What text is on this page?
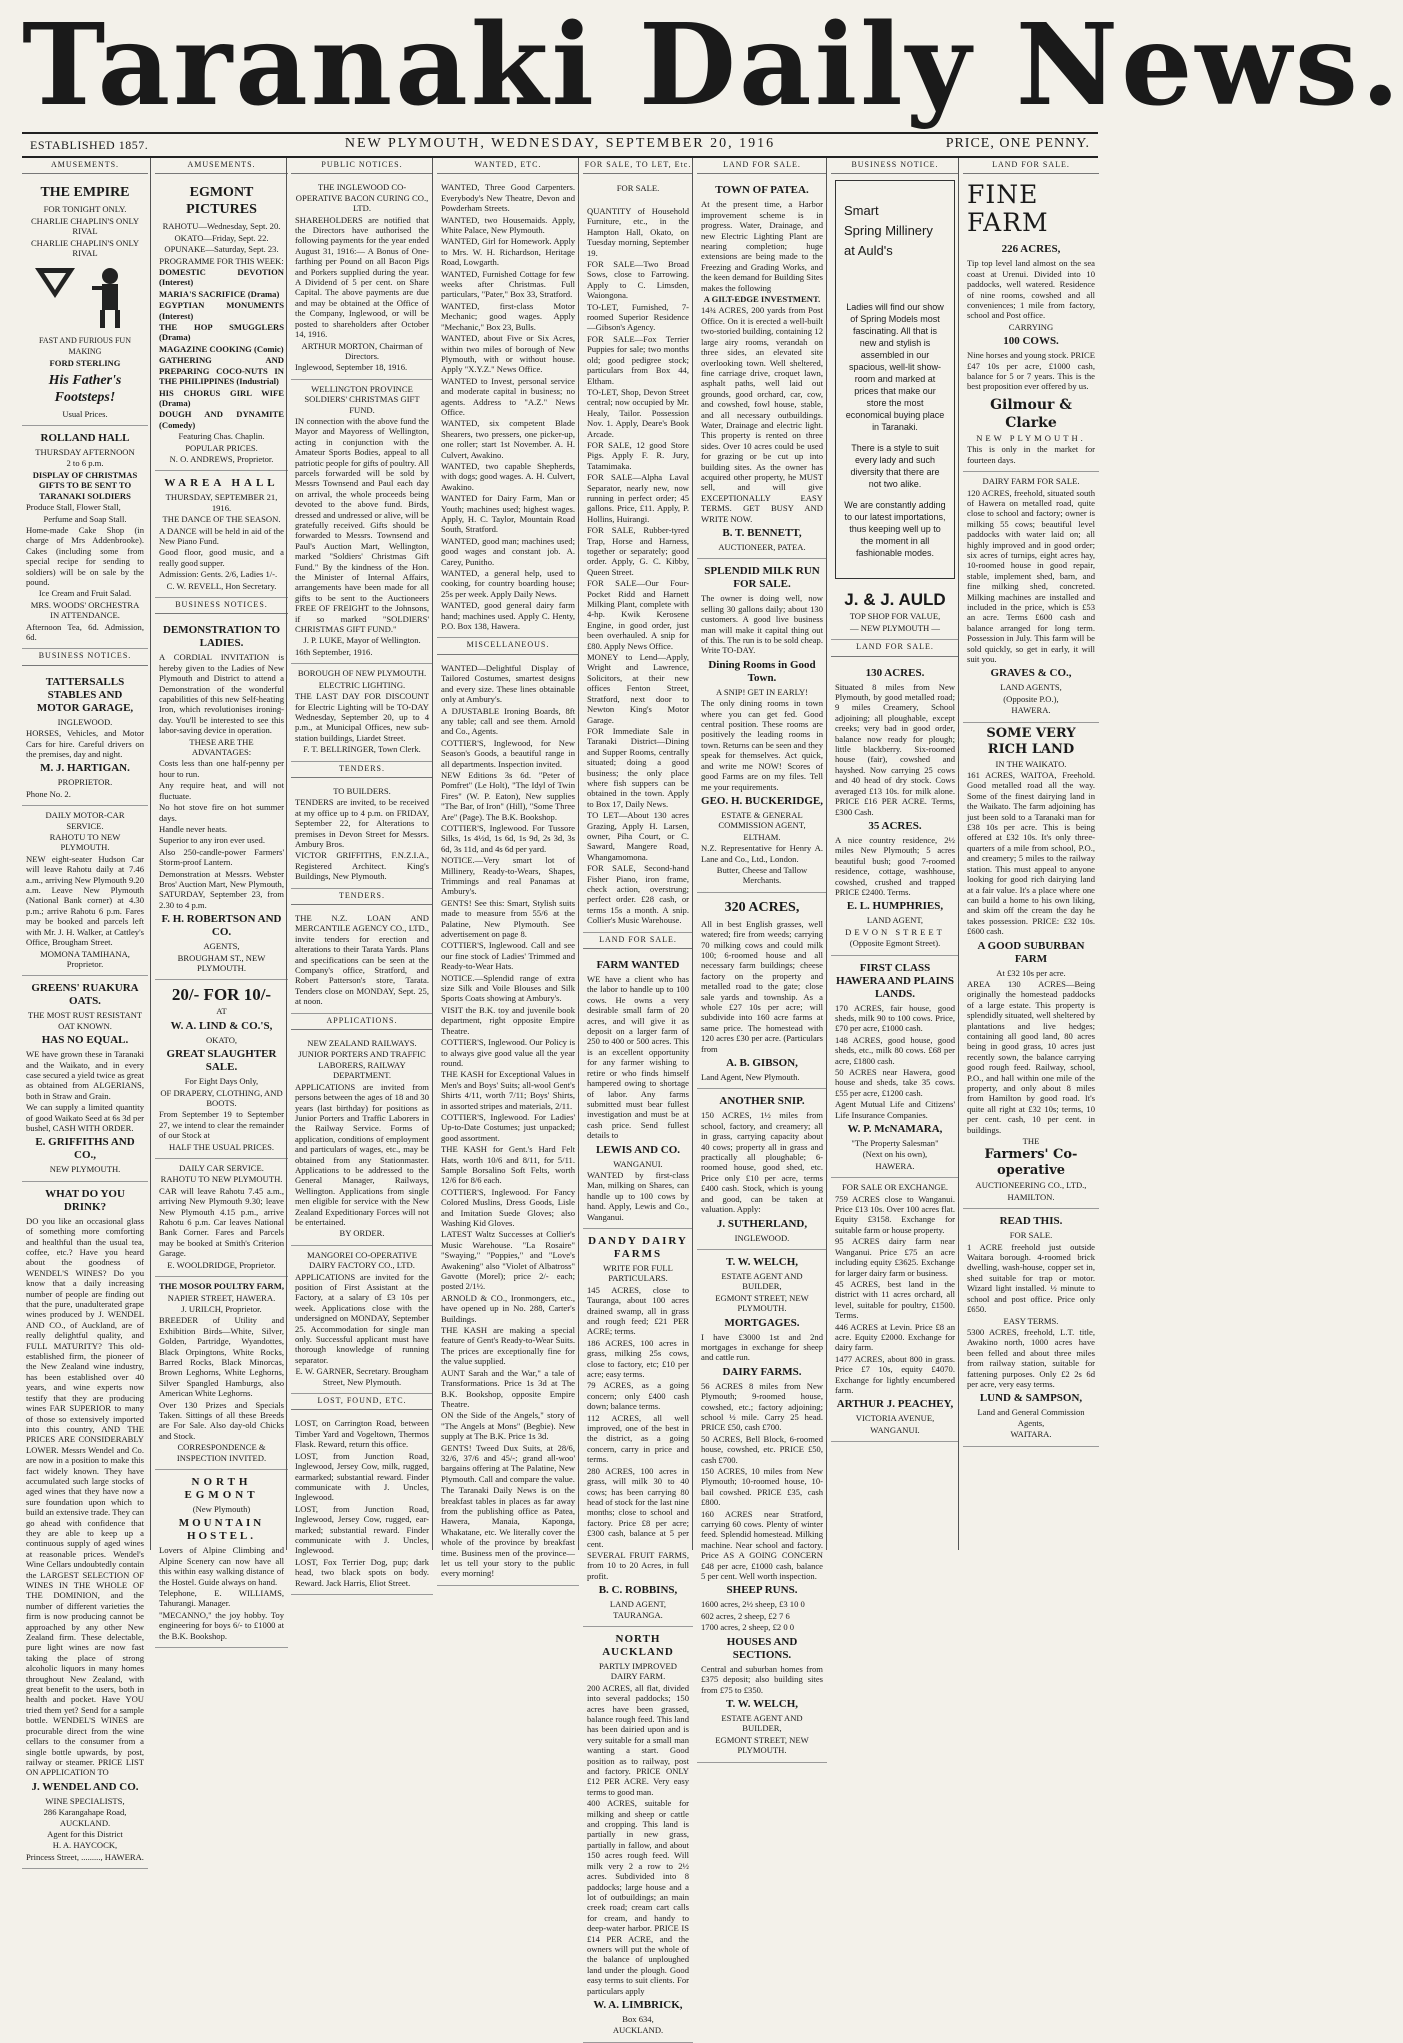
Taranaki Daily News.
ESTABLISHED 1857.	NEW PLYMOUTH, WEDNESDAY, SEPTEMBER 20, 1916	PRICE, ONE PENNY.
AMUSEMENTS.
THE EMPIRE

FOR TONIGHT ONLY.

CHARLIE CHAPLIN'S ONLY RIVAL

CHARLIE CHAPLIN'S ONLY RIVAL

FAST AND FURIOUS FUN MAKING

FORD STERLING

His Father's Footsteps!

Usual Prices.

ROLLAND HALL

THURSDAY AFTERNOON

2 to 6 p.m.

DISPLAY OF CHRISTMAS GIFTS TO BE SENT TO TARANAKI SOLDIERS

Produce Stall, Flower Stall,

Perfume and Soap Stall.

Home-made Cake Shop (in charge of Mrs Addenbrooke). Cakes (including some from special recipe for sending to soldiers) will be on sale by the pound.

Ice Cream and Fruit Salad.

MRS. WOODS' ORCHESTRA IN ATTENDANCE.

Afternoon Tea, 6d. Admission, 6d.

BUSINESS NOTICES.
TATTERSALLS STABLES AND MOTOR GARAGE,

INGLEWOOD.

HORSES, Vehicles, and Motor Cars for hire. Careful drivers on the premises, day and night.

M. J. HARTIGAN.

PROPRIETOR.

Phone No. 2.

DAILY MOTOR-CAR SERVICE.

RAHOTU TO NEW PLYMOUTH.

NEW eight-seater Hudson Car will leave Rahotu daily at 7.46 a.m., arriving New Plymouth 9.20 a.m. Leave New Plymouth (National Bank corner) at 4.30 p.m.; arrive Rahotu 6 p.m. Fares may be booked and parcels left with Mr. J. H. Walker, at Cattley's Office, Brougham Street.

MOMONA TAMIHANA, Proprietor.

GREENS' RUAKURA OATS.

THE MOST RUST RESISTANT OAT KNOWN.

HAS NO EQUAL.

WE have grown these in Taranaki and the Waikato, and in every case secured a yield twice as great as obtained from ALGERIANS, both in Straw and Grain.

We can supply a limited quantity of good Waikato Seed at 6s 3d per bushel, CASH WITH ORDER.

E. GRIFFITHS AND CO.,

NEW PLYMOUTH.

WHAT DO YOU DRINK?

DO you like an occasional glass of something more comforting and healthful than the usual tea, coffee, etc.? Have you heard about the goodness of WENDEL'S WINES? Do you know that a daily increasing number of people are finding out that the pure, unadulterated grape wines produced by J. WENDEL AND CO., of Auckland, are of really delightful quality, and FULL MATURITY? This old-established firm, the pioneer of the New Zealand wine industry, has been established over 40 years, and wine experts now testify that they are producing wines FAR SUPERIOR to many of those so extensively imported into this country, AND THE PRICES ARE CONSIDERABLY LOWER. Messrs Wendel and Co. are now in a position to make this fact widely known. They have accumulated such large stocks of aged wines that they have now a sure foundation upon which to build an extensive trade. They can go ahead with confidence that they are able to keep up a continuous supply of aged wines at reasonable prices. Wendel's Wine Cellars undoubtedly contain the LARGEST SELECTION OF WINES IN THE WHOLE OF THE DOMINION, and the number of different varieties the firm is now producing cannot be approached by any other New Zealand firm. These delectable, pure light wines are now fast taking the place of strong alcoholic liquors in many homes throughout New Zealand, with great benefit to the users, both in health and pocket. Have YOU tried them yet? Send for a sample bottle. WENDEL'S WINES are procurable direct from the wine cellars to the consumer from a single bottle upwards, by post, railway or steamer. PRICE LIST ON APPLICATION TO

J. WENDEL AND CO.

WINE SPECIALISTS,

286 Karangahape Road, AUCKLAND.

Agent for this District

H. A. HAYCOCK,

Princess Street, ........., HAWERA.

AMUSEMENTS.
EGMONT PICTURES

RAHOTU—Wednesday, Sept. 20.

OKATO—Friday, Sept. 22.

OPUNAKE—Saturday, Sept. 23.

PROGRAMME FOR THIS WEEK:

DOMESTIC DEVOTION (Interest)

MARIA'S SACRIFICE (Drama)

EGYPTIAN MONUMENTS (Interest)

THE HOP SMUGGLERS (Drama)

MAGAZINE COOKING (Comic)

GATHERING AND PREPARING COCO-NUTS IN THE PHILIPPINES (Industrial)

HIS CHORUS GIRL WIFE (Drama)

DOUGH AND DYNAMITE (Comedy)

Featuring Chas. Chaplin.

POPULAR PRICES.

N. O. ANDREWS, Proprietor.

WAREA HALL

THURSDAY, SEPTEMBER 21, 1916.

THE DANCE OF THE SEASON.

A DANCE will be held in aid of the New Piano Fund.

Good floor, good music, and a really good supper.

Admission: Gents. 2/6, Ladies 1/-.

C. W. REVELL, Hon Secretary.

BUSINESS NOTICES.
DEMONSTRATION TO LADIES.

A CORDIAL INVITATION is hereby given to the Ladies of New Plymouth and District to attend a Demonstration of the wonderful capabilities of this new Self-heating Iron, which revolutionises ironing-day. You'll be interested to see this labor-saving device in operation.

THESE ARE THE ADVANTAGES:

Costs less than one half-penny per hour to run.

Any require heat, and will not fluctuate.

No hot stove fire on hot summer days.

Handle never heats.

Superior to any iron ever used.

Also 250-candle-power Farmers' Storm-proof Lantern.

Demonstration at Messrs. Webster Bros' Auction Mart, New Plymouth, SATURDAY, September 23, from 2.30 to 4 p.m.

F. H. ROBERTSON AND CO.

AGENTS,

BROUGHAM ST., NEW PLYMOUTH.

20/- FOR 10/-

AT

W. A. LIND & CO.'S,

OKATO,

GREAT SLAUGHTER SALE.

For Eight Days Only,

OF DRAPERY, CLOTHING, AND BOOTS.

From September 19 to September 27, we intend to clear the remainder of our Stock at

HALF THE USUAL PRICES.

DAILY CAR SERVICE.

RAHOTU TO NEW PLYMOUTH.

CAR will leave Rahotu 7.45 a.m., arriving New Plymouth 9.30; leave New Plymouth 4.15 p.m., arrive Rahotu 6 p.m. Car leaves National Bank Corner. Fares and Parcels may be booked at Smith's Criterion Garage.

E. WOOLDRIDGE, Proprietor.

THE MOSOR POULTRY FARM,

NAPIER STREET, HAWERA.

J. URILCH, Proprietor.

BREEDER of Utility and Exhibition Birds—White, Silver, Golden, Partridge, Wyandottes, Black Orpingtons, White Rocks, Barred Rocks, Black Minorcas, Brown Leghorns, White Leghorns, Silver Spangled Hamburgs, also American White Leghorns.

Over 130 Prizes and Specials Taken. Sittings of all these Breeds are For Sale. Also day-old Chicks and Stock.

CORRESPONDENCE & INSPECTION INVITED.

NORTH EGMONT

(New Plymouth)

MOUNTAIN HOSTEL.

Lovers of Alpine Climbing and Alpine Scenery can now have all this within easy walking distance of the Hostel. Guide always on hand.

Telephone, E. WILLIAMS, Tahurangi. Manager.

"MECANNO," the joy hobby. Toy engineering for boys 6/- to £1000 at the B.K. Bookshop.

PUBLIC NOTICES.

THE INGLEWOOD CO-OPERATIVE BACON CURING CO., LTD.

SHAREHOLDERS are notified that the Directors have authorised the following payments for the year ended August 31, 1916:— A Bonus of One-farthing per Pound on all Bacon Pigs and Porkers supplied during the year. A Dividend of 5 per cent. on Share Capital. The above payments are due and may be obtained at the Office of the Company, Inglewood, or will be posted to shareholders after October 14, 1916.

ARTHUR MORTON, Chairman of Directors.

Inglewood, September 18, 1916.

WELLINGTON PROVINCE SOLDIERS' CHRISTMAS GIFT FUND.

IN connection with the above fund the Mayor and Mayoress of Wellington, acting in conjunction with the Amateur Sports Bodies, appeal to all patriotic people for gifts of poultry. All parcels forwarded will be sold by Messrs Townsend and Paul each day on arrival, the whole proceeds being devoted to the above fund. Birds, dressed and undressed or alive, will be gratefully received. Gifts should be forwarded to Messrs. Townsend and Paul's Auction Mart, Wellington, marked "Soldiers' Christmas Gift Fund." By the kindness of the Hon. the Minister of Internal Affairs, arrangements have been made for all gifts to be sent to the Auctioneers FREE OF FREIGHT to the Johnsons, if so marked "SOLDIERS' CHRISTMAS GIFT FUND."

J. P. LUKE, Mayor of Wellington.

16th September, 1916.

BOROUGH OF NEW PLYMOUTH.

ELECTRIC LIGHTING.

THE LAST DAY FOR DISCOUNT for Electric Lighting will be TO-DAY Wednesday, September 20, up to 4 p.m., at Municipal Offices, new sub-station buildings, Liardet Street.

F. T. BELLRINGER, Town Clerk.

TENDERS.

TO BUILDERS.

TENDERS are invited, to be received at my office up to 4 p.m. on FRIDAY, September 22, for Alterations to premises in Devon Street for Messrs. Ambury Bros.

VICTOR GRIFFITHS, F.N.Z.I.A., Registered Architect. King's Buildings, New Plymouth.

TENDERS.

THE N.Z. LOAN AND MERCANTILE AGENCY CO., LTD., invite tenders for erection and alterations to their Tarata Yards. Plans and specifications can be seen at the Company's office, Stratford, and Robert Patterson's store, Tarata. Tenders close on MONDAY, Sept. 25, at noon.

APPLICATIONS.

NEW ZEALAND RAILWAYS.

JUNIOR PORTERS AND TRAFFIC LABORERS, RAILWAY DEPARTMENT.

APPLICATIONS are invited from persons between the ages of 18 and 30 years (last birthday) for positions as Junior Porters and Traffic Laborers in the Railway Service. Forms of application, conditions of employment and particulars of wages, etc., may be obtained from any Stationmaster. Applications to be addressed to the General Manager, Railways, Wellington. Applications from single men eligible for service with the New Zealand Expeditionary Forces will not be entertained.

BY ORDER.

MANGOREI CO-OPERATIVE DAIRY FACTORY CO., LTD.

APPLICATIONS are invited for the position of First Assistant at the Factory, at a salary of £3 10s per week. Applications close with the undersigned on MONDAY, September 25. Accommodation for single man only. Successful applicant must have thorough knowledge of running separator.

E. W. GARNER, Secretary. Brougham Street, New Plymouth.

LOST, FOUND, ETC.

LOST, on Carrington Road, between Timber Yard and Vogeltown, Thermos Flask. Reward, return this office.

LOST, from Junction Road, Inglewood, Jersey Cow, milk, rugged, earmarked; substantial reward. Finder communicate with J. Uncles, Inglewood.

LOST, from Junction Road, Inglewood, Jersey Cow, rugged, ear-marked; substantial reward. Finder communicate with J. Uncles, Inglewood.

LOST, Fox Terrier Dog, pup; dark head, two black spots on body. Reward. Jack Harris, Eliot Street.

WANTED, ETC.

WANTED, Three Good Carpenters. Everybody's New Theatre, Devon and Powderham Streets.

WANTED, two Housemaids. Apply, White Palace, New Plymouth.

WANTED, Girl for Homework. Apply to Mrs. W. H. Richardson, Heritage Road, Lowgarth.

WANTED, Furnished Cottage for few weeks after Christmas. Full particulars, "Pater," Box 33, Stratford.

WANTED, first-class Motor Mechanic; good wages. Apply "Mechanic," Box 23, Bulls.

WANTED, about Five or Six Acres, within two miles of borough of New Plymouth, with or without house. Apply "X.Y.Z." News Office.

WANTED to Invest, personal service and moderate capital in business; no agents. Address to "A.Z." News Office.

WANTED, six competent Blade Shearers, two pressers, one picker-up, one roller; start 1st November. A. H. Culvert, Awakino.

WANTED, two capable Shepherds, with dogs; good wages. A. H. Culvert, Awakino.

WANTED for Dairy Farm, Man or Youth; machines used; highest wages. Apply, H. C. Taylor, Mountain Road South, Stratford.

WANTED, good man; machines used; good wages and constant job. A. Carey, Punitho.

WANTED, a general help, used to cooking, for country boarding house; 25s per week. Apply Daily News.

WANTED, good general dairy farm hand; machines used. Apply C. Henty, P.O. Box 138, Hawera.

MISCELLANEOUS.

WANTED—Delightful Display of Tailored Costumes, smartest designs and every size. These lines obtainable only at Ambury's.

A DJUSTABLE Ironing Boards, 8ft any table; call and see them. Arnold and Co., Agents.

COTTIER'S, Inglewood, for New Season's Goods, a beautiful range in all departments. Inspection invited.

NEW Editions 3s 6d. "Peter of Pomfret" (Le Holt), "The Idyl of Twin Fires" (W. P. Eaton), New supplies "The Bar, of Iron" (Hill), "Some Three Are" (Page). The B.K. Bookshop.

COTTIER'S, Inglewood. For Tussore Silks, 1s 4½d, 1s 6d, 1s 9d, 2s 3d, 3s 6d, 3s 11d, and 4s 6d per yard.

NOTICE.—Very smart lot of Millinery, Ready-to-Wears, Shapes, Trimmings and real Panamas at Ambury's.

GENTS! See this: Smart, Stylish suits made to measure from 55/6 at the Palatine, New Plymouth. See advertisement on page 8.

COTTIER'S, Inglewood. Call and see our fine stock of Ladies' Trimmed and Ready-to-Wear Hats.

NOTICE.—Splendid range of extra size Silk and Voile Blouses and Silk Sports Coats showing at Ambury's.

VISIT the B.K. toy and juvenile book department, right opposite Empire Theatre.

COTTIER'S, Inglewood. Our Policy is to always give good value all the year round.

THE KASH for Exceptional Values in Men's and Boys' Suits; all-wool Gent's Shirts 4/11, worth 7/11; Boys' Shirts, in assorted stripes and materials, 2/11.

COTTIER'S, Inglewood. For Ladies' Up-to-Date Costumes; just unpacked; good assortment.

THE KASH for Gent.'s Hard Felt Hats, worth 10/6 and 8/11, for 5/11. Sample Borsalino Soft Felts, worth 12/6 for 8/6 each.

COTTIER'S, Inglewood. For Fancy Colored Muslins, Dress Goods, Lisle and Imitation Suede Gloves; also Washing Kid Gloves.

LATEST Waltz Successes at Collier's Music Warehouse. "La Rosaire" "Swaying," "Poppies," and "Love's Awakening" also "Violet of Albatross" Gavotte (Morel); price 2/- each; posted 2/1½.

ARNOLD & CO., Ironmongers, etc., have opened up in No. 288, Carter's Buildings.

THE KASH are making a special feature of Gent's Ready-to-Wear Suits. The prices are exceptionally fine for the value supplied.

AUNT Sarah and the War," a tale of Transformations. Price 1s 3d at The B.K. Bookshop, opposite Empire Theatre.

ON the Side of the Angels," story of "The Angels at Mons" (Begbie). New supply at The B.K. Price 1s 3d.

GENTS! Tweed Dux Suits, at 28/6, 32/6, 37/6 and 45/-; grand all-woo' bargains offering at The Palatine, New Plymouth. Call and compare the value.

The Taranaki Daily News is on the breakfast tables in places as far away from the publishing office as Patea, Hawera, Manaia, Kaponga, Whakatane, etc. We literally cover the whole of the province by breakfast time. Business men of the province—let us tell your story to the public every morning!

FOR SALE, TO LET, Etc.

FOR SALE.

QUANTITY of Household Furniture, etc., in the Hampton Hall, Okato, on Tuesday morning, September 19.

FOR SALE—Two Broad Sows, close to Farrowing. Apply to C. Limsden, Waiongona.

TO-LET, Furnished, 7-roomed Superior Residence—Gibson's Agency.

FOR SALE—Fox Terrier Puppies for sale; two months old; good pedigree stock; particulars from Box 44, Eltham.

TO-LET, Shop, Devon Street central; now occupied by Mr. Healy, Tailor. Possession Nov. 1. Apply, Deare's Book Arcade.

FOR SALE, 12 good Store Pigs. Apply F. R. Jury, Tatamimaka.

FOR SALE—Alpha Laval Separator, nearly new, now running in perfect order; 45 gallons. Price, £11. Apply, P. Hollins, Huirangi.

FOR SALE, Rubber-tyred Trap, Horse and Harness, together or separately; good order. Apply, G. C. Kibby, Queen Street.

FOR SALE—Our Four-Pocket Ridd and Harnett Milking Plant, complete with 4-hp. Kwik Kerosene Engine, in good order, just been overhauled. A snip for £80. Apply News Office.

MONEY to Lend—Apply, Wright and Lawrence, Solicitors, at their new offices Fenton Street, Stratford, next door to Newton King's Motor Garage.

FOR Immediate Sale in Taranaki District—Dining and Supper Rooms, centrally situated; doing a good business; the only place where fish suppers can be obtained in the town. Apply to Box 17, Daily News.

TO LET—About 130 acres Grazing, Apply H. Larsen, owner, Piha Court, or C. Saward, Mangere Road, Whangamomona.

FOR SALE, Second-hand Fisher Piano, iron frame, check action, overstrung; perfect order. £28 cash, or terms 15s a month. A snip. Collier's Music Warehouse.

LAND FOR SALE.
FARM WANTED

WE have a client who has the labor to handle up to 100 cows. He owns a very desirable small farm of 20 acres, and will give it as deposit on a larger farm of 250 to 400 or 500 acres. This is an excellent opportunity for any farmer wishing to retire or who finds himself hampered owing to shortage of labor. Any farms submitted must bear fullest investigation and must be at cash price. Send fullest details to

LEWIS AND CO.

WANGANUI.

WANTED by first-class Man, milking on Shares, can handle up to 100 cows by hand. Apply, Lewis and Co., Wanganui.

DANDY DAIRY FARMS

WRITE FOR FULL PARTICULARS.

145 ACRES, close to Tauranga, about 100 acres drained swamp, all in grass and rough feed; £21 PER ACRE; terms.

186 ACRES, 100 acres in grass, milking 25s cows, close to factory, etc; £10 per acre; easy terms.

79 ACRES, as a going concern; only £400 cash down; balance terms.

112 ACRES, all well improved, one of the best in the district, as a going concern, carry in price and terms.

280 ACRES, 100 acres in grass, will milk 30 to 40 cows; has been carrying 80 head of stock for the last nine months; close to school and factory. Price £8 per acre; £300 cash, balance at 5 per cent.

SEVERAL FRUIT FARMS, from 10 to 20 Acres, in full profit.

B. C. ROBBINS,

LAND AGENT, TAURANGA.

NORTH AUCKLAND

PARTLY IMPROVED DAIRY FARM.

200 ACRES, all flat, divided into several paddocks; 150 acres have been grassed, balance rough feed. This land has been dairied upon and is very suitable for a small man wanting a start. Good position as to railway, post and factory. PRICE ONLY £12 PER ACRE. Very easy terms to good man.

400 ACRES, suitable for milking and sheep or cattle and cropping. This land is partially in new grass, partially in fallow, and about 150 acres rough feed. Will milk very 2 a row to 2½ acres. Subdivided into 8 paddocks; large house and a lot of outbuildings; an main creek road; cream cart calls for cream, and handy to deep-water harbor. PRICE IS £14 PER ACRE, and the owners will put the whole of the balance of unploughed land under the plough. Good easy terms to suit clients. For particulars apply

W. A. LIMBRICK,

Box 634,

AUCKLAND.

LAND FOR SALE.
TOWN OF PATEA.

At the present time, a Harbor improvement scheme is in progress. Water, Drainage, and new Electric Lighting Plant are nearing completion; huge extensions are being made to the Freezing and Grading Works, and the keen demand for Building Sites makes the following

A GILT-EDGE INVESTMENT.

14¾ ACRES, 200 yards from Post Office. On it is erected a well-built two-storied building, containing 12 large airy rooms, verandah on three sides, an elevated site overlooking town. Well sheltered, fine carriage drive, croquet lawn, asphalt paths, well laid out grounds, good orchard, car, cow, and cowshed, fowl house, stable, and all necessary outbuildings. Water, Drainage and electric light. This property is rented on three sides. Over 10 acres could be used for grazing or be cut up into building sites. As the owner has acquired other property, he MUST sell, and will give EXCEPTIONALLY EASY TERMS. GET BUSY AND WRITE NOW.

B. T. BENNETT,

AUCTIONEER, PATEA.

SPLENDID MILK RUN FOR SALE.

The owner is doing well, now selling 30 gallons daily; about 130 customers. A good live business man will make it capital thing out of this. The run is to be sold cheap. Write TO-DAY.

Dining Rooms in Good Town.

A SNIP! GET IN EARLY!

The only dining rooms in town where you can get fed. Good central position. These rooms are positively the leading rooms in town. Returns can be seen and they speak for themselves. Act quick, and write me NOW! Scores of good Farms are on my files. Tell me your requirements.

GEO. H. BUCKERIDGE,

ESTATE & GENERAL COMMISSION AGENT,

ELTHAM.

N.Z. Representative for Henry A. Lane and Co., Ltd., London.

Butter, Cheese and Tallow Merchants.

320 ACRES,

All in best English grasses, well watered; fire from weeds; carrying 70 milking cows and could milk 100; 6-roomed house and all necessary farm buildings; cheese factory on the property and metalled road to the gate; close sale yards and township. As a whole £27 10s per acre; will subdivide into 160 acre farms at same price. The homestead with 120 acres £30 per acre. (Particulars from

A. B. GIBSON,

Land Agent, New Plymouth.

ANOTHER SNIP.

150 ACRES, 1½ miles from school, factory, and creamery; all in grass, carrying capacity about 40 cows; property all in grass and practically all ploughable; 6-roomed house, good shed, etc. Price only £10 per acre, terms £400 cash. Stock, which is young and good, can be taken at valuation. Apply:

J. SUTHERLAND,

INGLEWOOD.

T. W. WELCH,

ESTATE AGENT AND BUILDER,

EGMONT STREET, NEW PLYMOUTH.

MORTGAGES.

I have £3000 1st and 2nd mortgages in exchange for sheep and cattle run.

DAIRY FARMS.

56 ACRES 8 miles from New Plymouth; 9-roomed house, cowshed, etc.; factory adjoining; school ½ mile. Carry 25 head. PRICE £50, cash £700.

50 ACRES, Bell Block, 6-roomed house, cowshed, etc. PRICE £50, cash £700.

150 ACRES, 10 miles from New Plymouth; 10-roomed house, 10-bail cowshed. PRICE £35, cash £800.

160 ACRES near Stratford, carrying 60 cows. Plenty of winter feed. Splendid homestead. Milking machine. Near school and factory. Price AS A GOING CONCERN £48 per acre, £1000 cash, balance 5 per cent. Well worth inspection.

SHEEP RUNS.

1600 acres, 2½ sheep, £3 10 0

602 acres, 2 sheep, £2 7 6

1700 acres, 2 sheep, £2 0 0

HOUSES AND SECTIONS.

Central and suburban homes from £375 deposit; also building sites from £75 to £350.

T. W. WELCH,

ESTATE AGENT AND BUILDER,

EGMONT STREET, NEW PLYMOUTH.

BUSINESS NOTICE.

Smart

Spring Millinery

at Auld's

Ladies will find our show of Spring Models most fascinating. All that is new and stylish is assembled in our spacious, well-lit show-room and marked at prices that make our store the most economical buying place in Taranaki.

There is a style to suit every lady and such diversity that there are not two alike.

We are constantly adding to our latest importations, thus keeping well up to the moment in all fashionable modes.

J. & J. AULD

TOP SHOP FOR VALUE,

— NEW PLYMOUTH —

LAND FOR SALE.
130 ACRES.

Situated 8 miles from New Plymouth, by good metalled road; 9 miles Creamery, School adjoining; all ploughable, except creeks; very bad in good order, balance now ready for plough; little blackberry. Six-roomed house (fair), cowshed and hayshed. Now carrying 25 cows and 40 head of dry stock. Cows averaged £13 10s. for milk alone. PRICE £16 PER ACRE. Terms, £300 Cash.

35 ACRES.

A nice country residence, 2½ miles New Plymouth; 5 acres beautiful bush; good 7-roomed residence, cottage, washhouse, cowshed, crushed and trapped PRICE £2400. Terms.

E. L. HUMPHRIES,

LAND AGENT,

DEVON STREET

(Opposite Egmont Street).

FIRST CLASS HAWERA AND PLAINS LANDS.

170 ACRES, fair house, good sheds, milk 90 to 100 cows. Price, £70 per acre, £1000 cash.

148 ACRES, good house, good sheds, etc., milk 80 cows. £68 per acre, £1800 cash.

50 ACRES near Hawera, good house and sheds, take 35 cows. £55 per acre, £1200 cash.

Agent Mutual Life and Citizens' Life Insurance Companies.

W. P. McNAMARA,

"The Property Salesman"

(Next on his own),

HAWERA.

FOR SALE OR EXCHANGE.

759 ACRES close to Wanganui. Price £13 10s. Over 100 acres flat. Equity £3158. Exchange for suitable farm or house property.

95 ACRES dairy farm near Wanganui. Price £75 an acre including equity £3625. Exchange for larger dairy farm or business.

45 ACRES, best land in the district with 11 acres orchard, all level, suitable for poultry, £1500. Terms.

446 ACRES at Levin. Price £8 an acre. Equity £2000. Exchange for dairy farm.

1477 ACRES, about 800 in grass. Price £7 10s, equity £4070. Exchange for lightly encumbered farm.

ARTHUR J. PEACHEY,

VICTORIA AVENUE,

WANGANUI.

LAND FOR SALE.
FINE
FARM
226 ACRES,

Tip top level land almost on the sea coast at Urenui. Divided into 10 paddocks, well watered. Residence of nine rooms, cowshed and all conveniences; 1 mile from factory, school and Post office.

CARRYING

100 COWS.

Nine horses and young stock. PRICE £47 10s per acre, £1000 cash, balance for 5 or 7 years. This is the best proposition ever offered by us.

Gilmour & Clarke

NEW PLYMOUTH.

This is only in the market for fourteen days.

DAIRY FARM FOR SALE.

120 ACRES, freehold, situated south of Hawera on metalled road, quite close to school and factory; owner is milking 55 cows; beautiful level paddocks with water laid on; all highly improved and in good order; six acres of turnips, eight acres hay, 10-roomed house in good repair, stable, implement shed, barn, and fine milking shed, concreted. Milking machines are installed and included in the price, which is £53 an acre. Terms £600 cash and balance arranged for long term. Possession in July. This farm will be sold quickly, so get in early, it will suit you.

GRAVES & CO.,

LAND AGENTS,

(Opposite P.O.),

HAWERA.

SOME VERY RICH LAND

IN THE WAIKATO.

161 ACRES, WAITOA, Freehold. Good metalled road all the way. Some of the finest dairying land in the Waikato. The farm adjoining has just been sold to a Taranaki man for £38 10s per acre. This is being offered at £32 10s. It's only three-quarters of a mile from school, P.O., and creamery; 5 miles to the railway station. This must appeal to anyone looking for good rich dairying land at a fair value. It's a place where one can build a home to his own liking, and skim off the cream the day he takes possession. PRICE: £32 10s. £600 cash.

A GOOD SUBURBAN FARM

At £32 10s per acre.

AREA 130 ACRES—Being originally the homestead paddocks of a large estate. This property is splendidly situated, well sheltered by plantations and live hedges; containing all good land, 80 acres being in good grass, 10 acres just recently sown, the balance carrying good rough feed. Railway, school, P.O., and hall within one mile of the property, and only about 8 miles from Hamilton by good road. It's quite all right at £32 10s; terms, 10 per cent. cash, 10 per cent. in buildings.

THE

Farmers' Co-operative

AUCTIONEERING CO., LTD.,

HAMILTON.

READ THIS.

FOR SALE.

1 ACRE freehold just outside Waitara borough. 4-roomed brick dwelling, wash-house, copper set in, shed suitable for trap or motor. Wizard light installed. ½ minute to school and post office. Price only £650.

EASY TERMS.

5300 ACRES, freehold, L.T. title, Awakino north, 1000 acres have been felled and about three miles from railway station, suitable for fattening purposes. Only £2 2s 6d per acre, very easy terms.

LUND & SAMPSON,

Land and General Commission Agents,

WAITARA.
